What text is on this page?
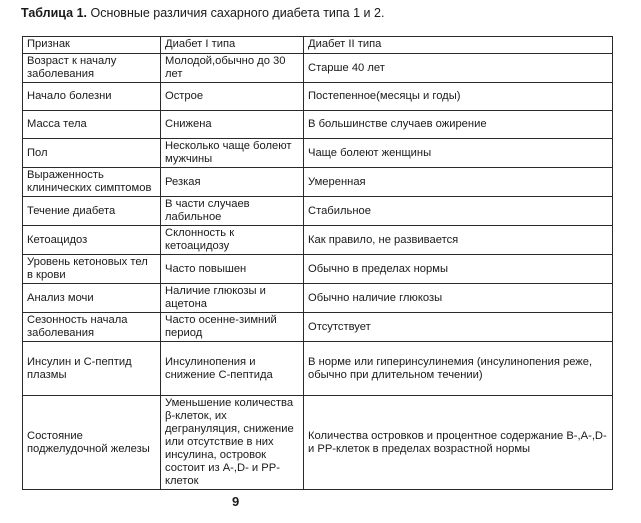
Таблица 1. Основные различия сахарного диабета типа 1 и 2.
Признак	Диабет I типа	Диабет II типа
Возраст к началу заболевания	Молодой,обычно до 30 лет	Старше 40 лет
Начало болезни	Острое	Постепенное(месяцы и годы)
Масса тела	Снижена	В большинстве случаев ожирение
Пол	Несколько чаще болеют мужчины	Чаще болеют женщины
Выраженность клинических симптомов	Резкая	Умеренная
Течение диабета	В части случаев лабильное	Стабильное
Кетоацидоз	Склонность к кетоацидозу	Как правило, не развивается
Уровень кетоновых тел в крови	Часто повышен	Обычно в пределах нормы
Анализ мочи	Наличие глюкозы и ацетона	Обычно наличие глюкозы
Сезонность начала заболевания	Часто осенне-зимний период	Отсутствует
Инсулин и С-пептид плазмы	Инсулинопения и снижение С-пептида	В норме или гиперинсулинемия (инсулинопения реже, обычно при длительном течении)
Состояние поджелудочной железы	Уменьшение количества β-клеток, их дегрануляция, снижение или отсутствие в них инсулина, островок состоит из А-,D- и PP-клеток	Количества островков и процентное содержание В-,А-,D-и PP-клеток в пределах возрастной нормы
9
